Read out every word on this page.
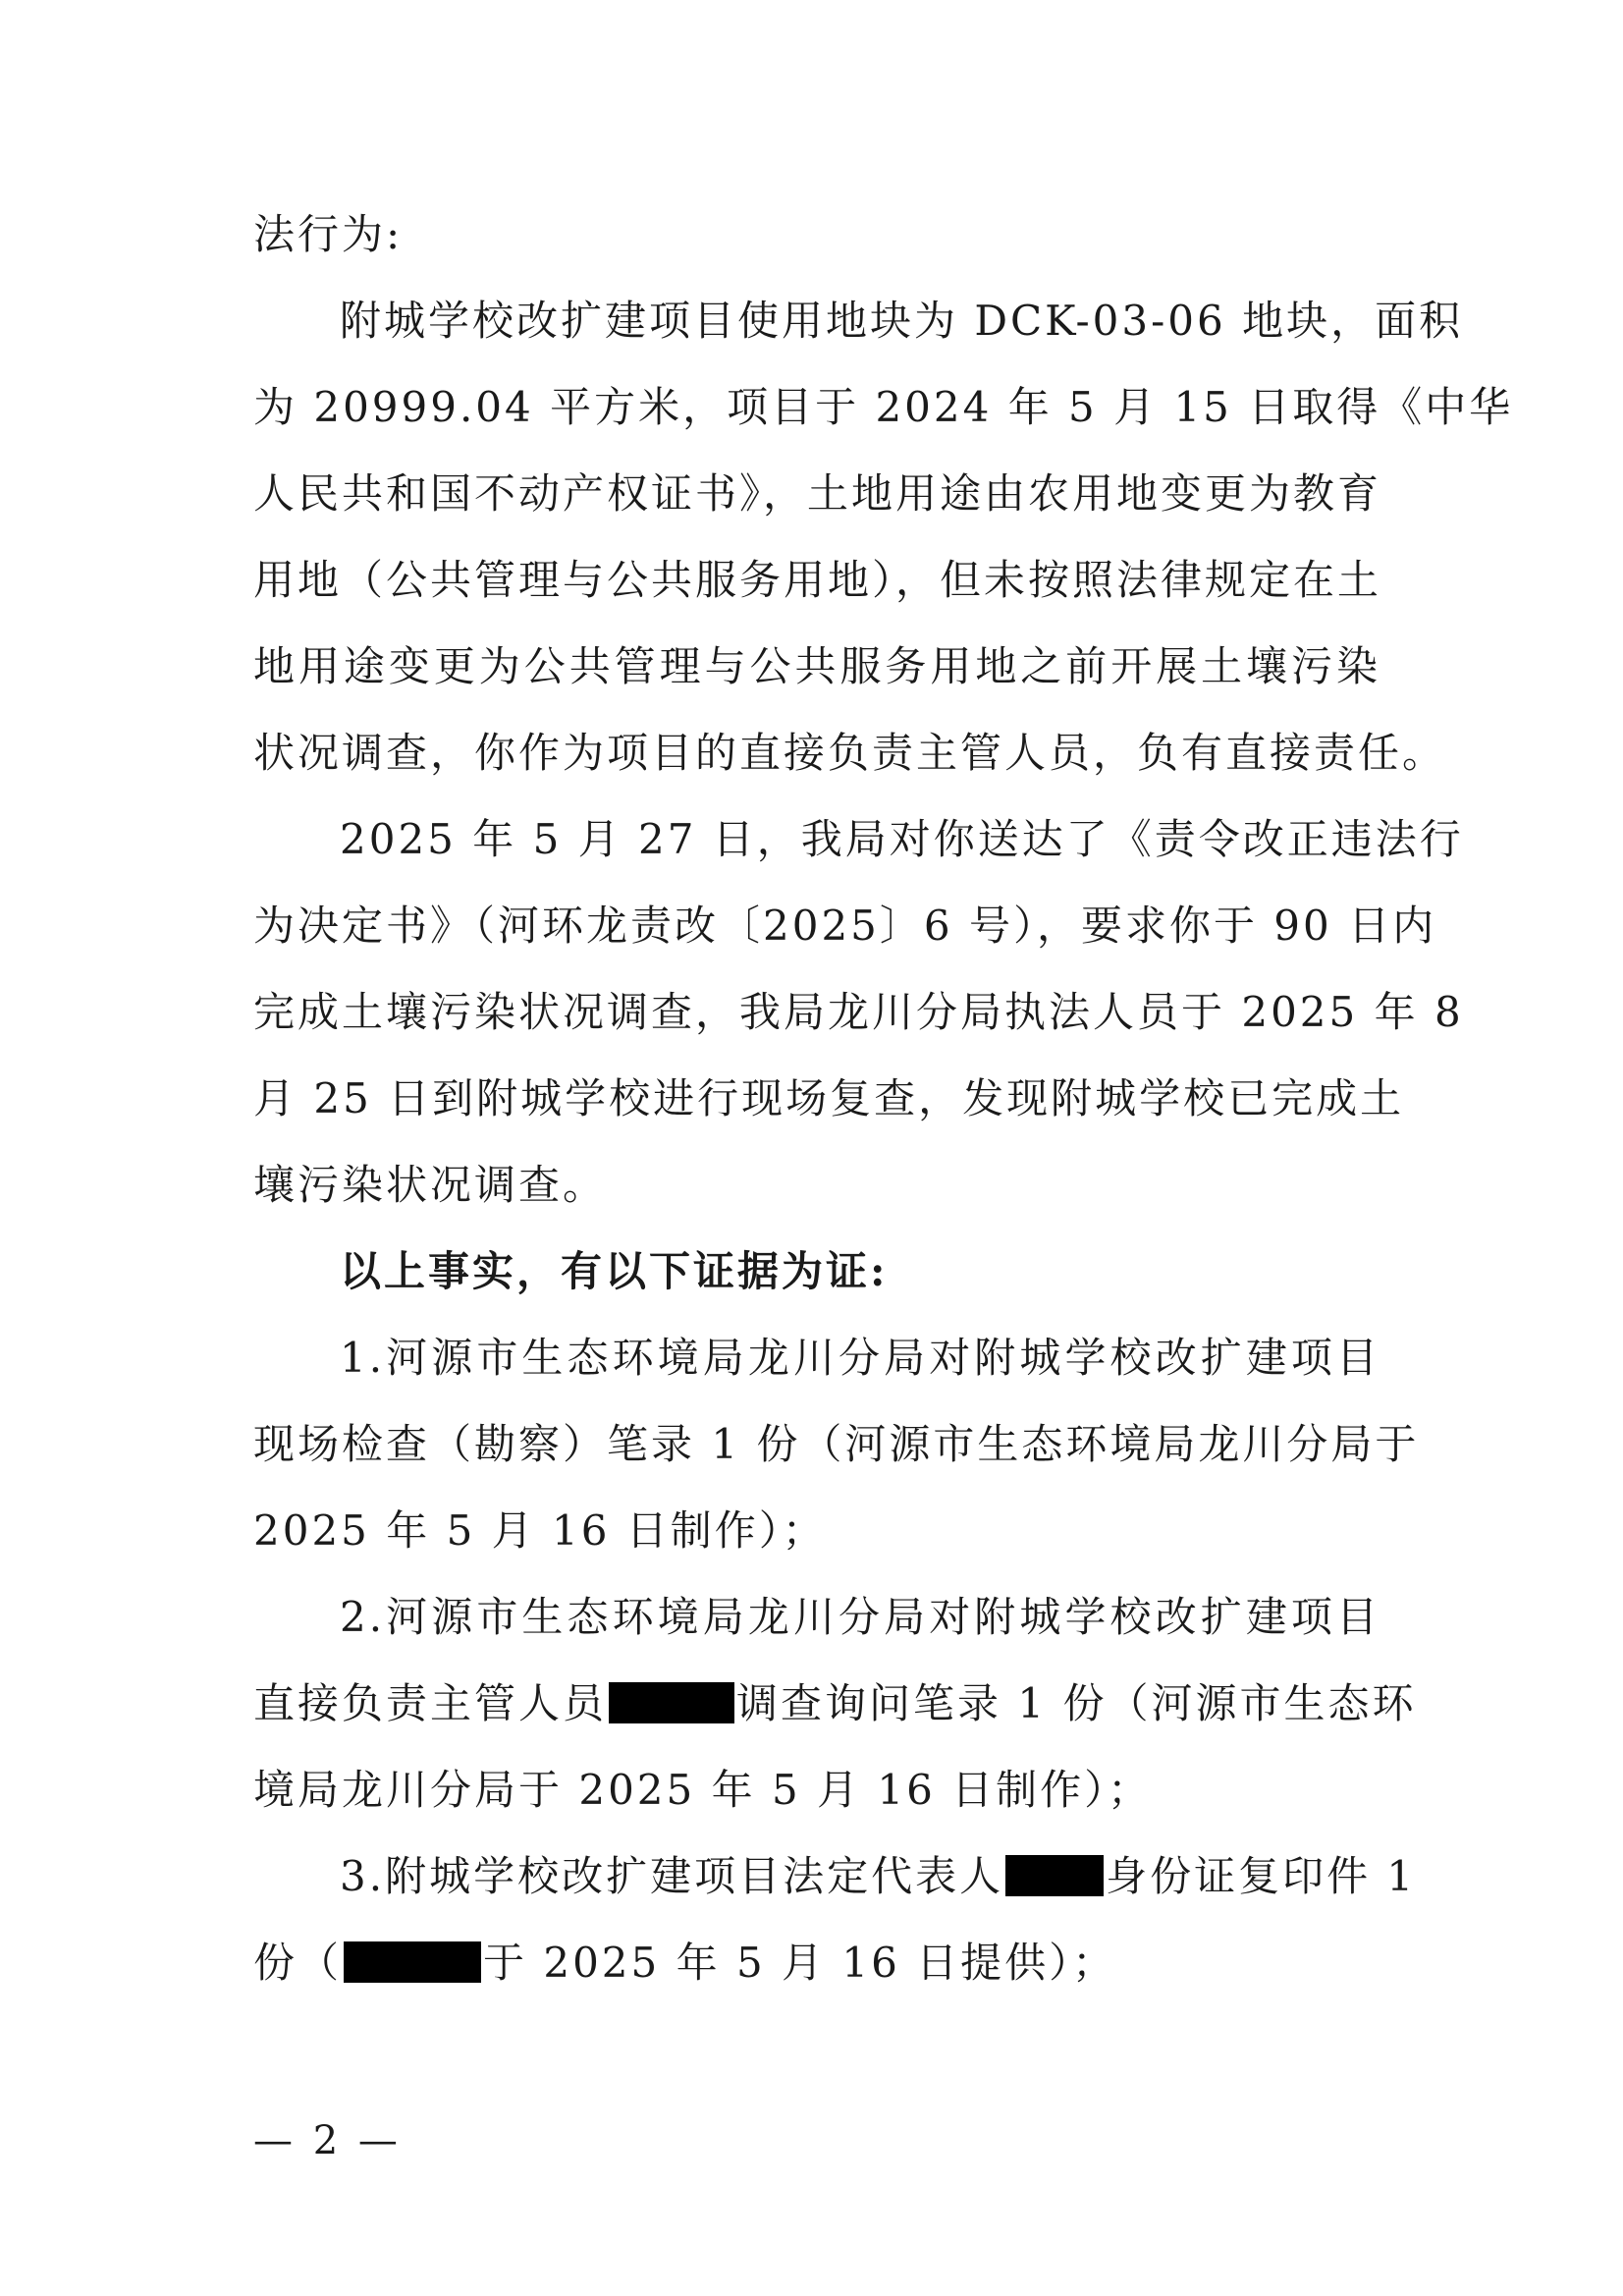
法行为:
附城学校改扩建项目使用地块为 DCK-03-06 地块，面积
为 20999.04 平方米，项目于 2024 年 5 月 15 日取得《中华
人民共和国不动产权证书》，土地用途由农用地变更为教育
用地（公共管理与公共服务用地），但未按照法律规定在土
地用途变更为公共管理与公共服务用地之前开展土壤污染
状况调查，你作为项目的直接负责主管人员，负有直接责任。
2025 年 5 月 27 日，我局对你送达了《责令改正违法行
为决定书》（河环龙责改〔2025〕6 号），要求你于 90 日内
完成土壤污染状况调查，我局龙川分局执法人员于 2025 年 8
月 25 日到附城学校进行现场复查，发现附城学校已完成土
壤污染状况调查。
以上事实，有以下证据为证:
1.河源市生态环境局龙川分局对附城学校改扩建项目
现场检查（勘察）笔录 1 份（河源市生态环境局龙川分局于
2025 年 5 月 16 日制作）；
2.河源市生态环境局龙川分局对附城学校改扩建项目
直接负责主管人员	调查询问笔录 1 份（河源市生态环
境局龙川分局于 2025 年 5 月 16 日制作）；
3.附城学校改扩建项目法定代表人 身份证复印件 1
份（	于 2025 年 5 月 16 日提供）；
— 2 —
